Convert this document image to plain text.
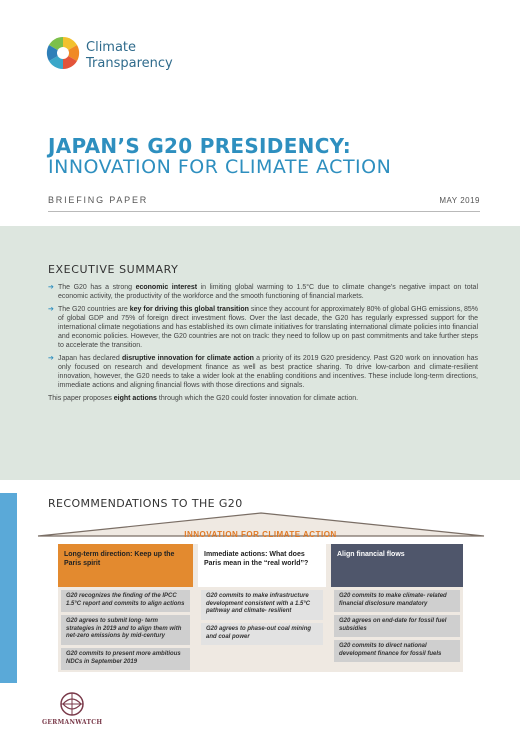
Climate
Transparency
JAPAN’S G20 PRESIDENCY:
INNOVATION FOR CLIMATE ACTION
BRIEFING PAPER	MAY 2019
EXECUTIVE SUMMARY
➔ The G20 has a strong economic interest in limiting global warming to 1.5°C due to climate change’s negative impact on total economic activity, the productivity of the workforce and the smooth functioning of financial markets.
➔ The G20 countries are key for driving this global transition since they account for approximately 80% of global GHG emissions, 85% of global GDP and 75% of foreign direct investment flows. Over the last decade, the G20 has regularly expressed support for the international climate negotiations and has established its own climate initiatives for translating international climate policies into financial and economic policies. However, the G20 countries are not on track: they need to follow up on past commitments and take further steps to accelerate the transition.
➔ Japan has declared disruptive innovation for climate action a priority of its 2019 G20 presidency. Past G20 work on innovation has only focused on research and development finance as well as best practice sharing. To drive low-carbon and climate-resilient innovation, however, the G20 needs to take a wider look at the enabling conditions and incentives. These include long-term directions, immediate actions and aligning financial flows with those directions and signals.
This paper proposes eight actions through which the G20 could foster innovation for climate action.
RECOMMENDATIONS TO THE G20
INNOVATION FOR CLIMATE ACTION
Long-term direction: Keep up the Paris spirit
G20 recognizes the finding of the IPCC 1.5°C report and commits to align actions
G20 agrees to submit long- term strategies in 2019 and to align them with net-zero emissions by mid-century
G20 commits to present more ambitious NDCs in September 2019
Immediate actions: What does Paris mean in the “real world”?
G20 commits to make infrastructure development consistent with a 1.5°C pathway and climate- resilient
G20 agrees to phase-out coal mining and coal power
Align financial flows
G20 commits to make climate- related financial disclosure mandatory
G20 agrees on end-date for fossil fuel subsidies
G20 commits to direct national development finance for fossil fuels
GERMANWATCH
